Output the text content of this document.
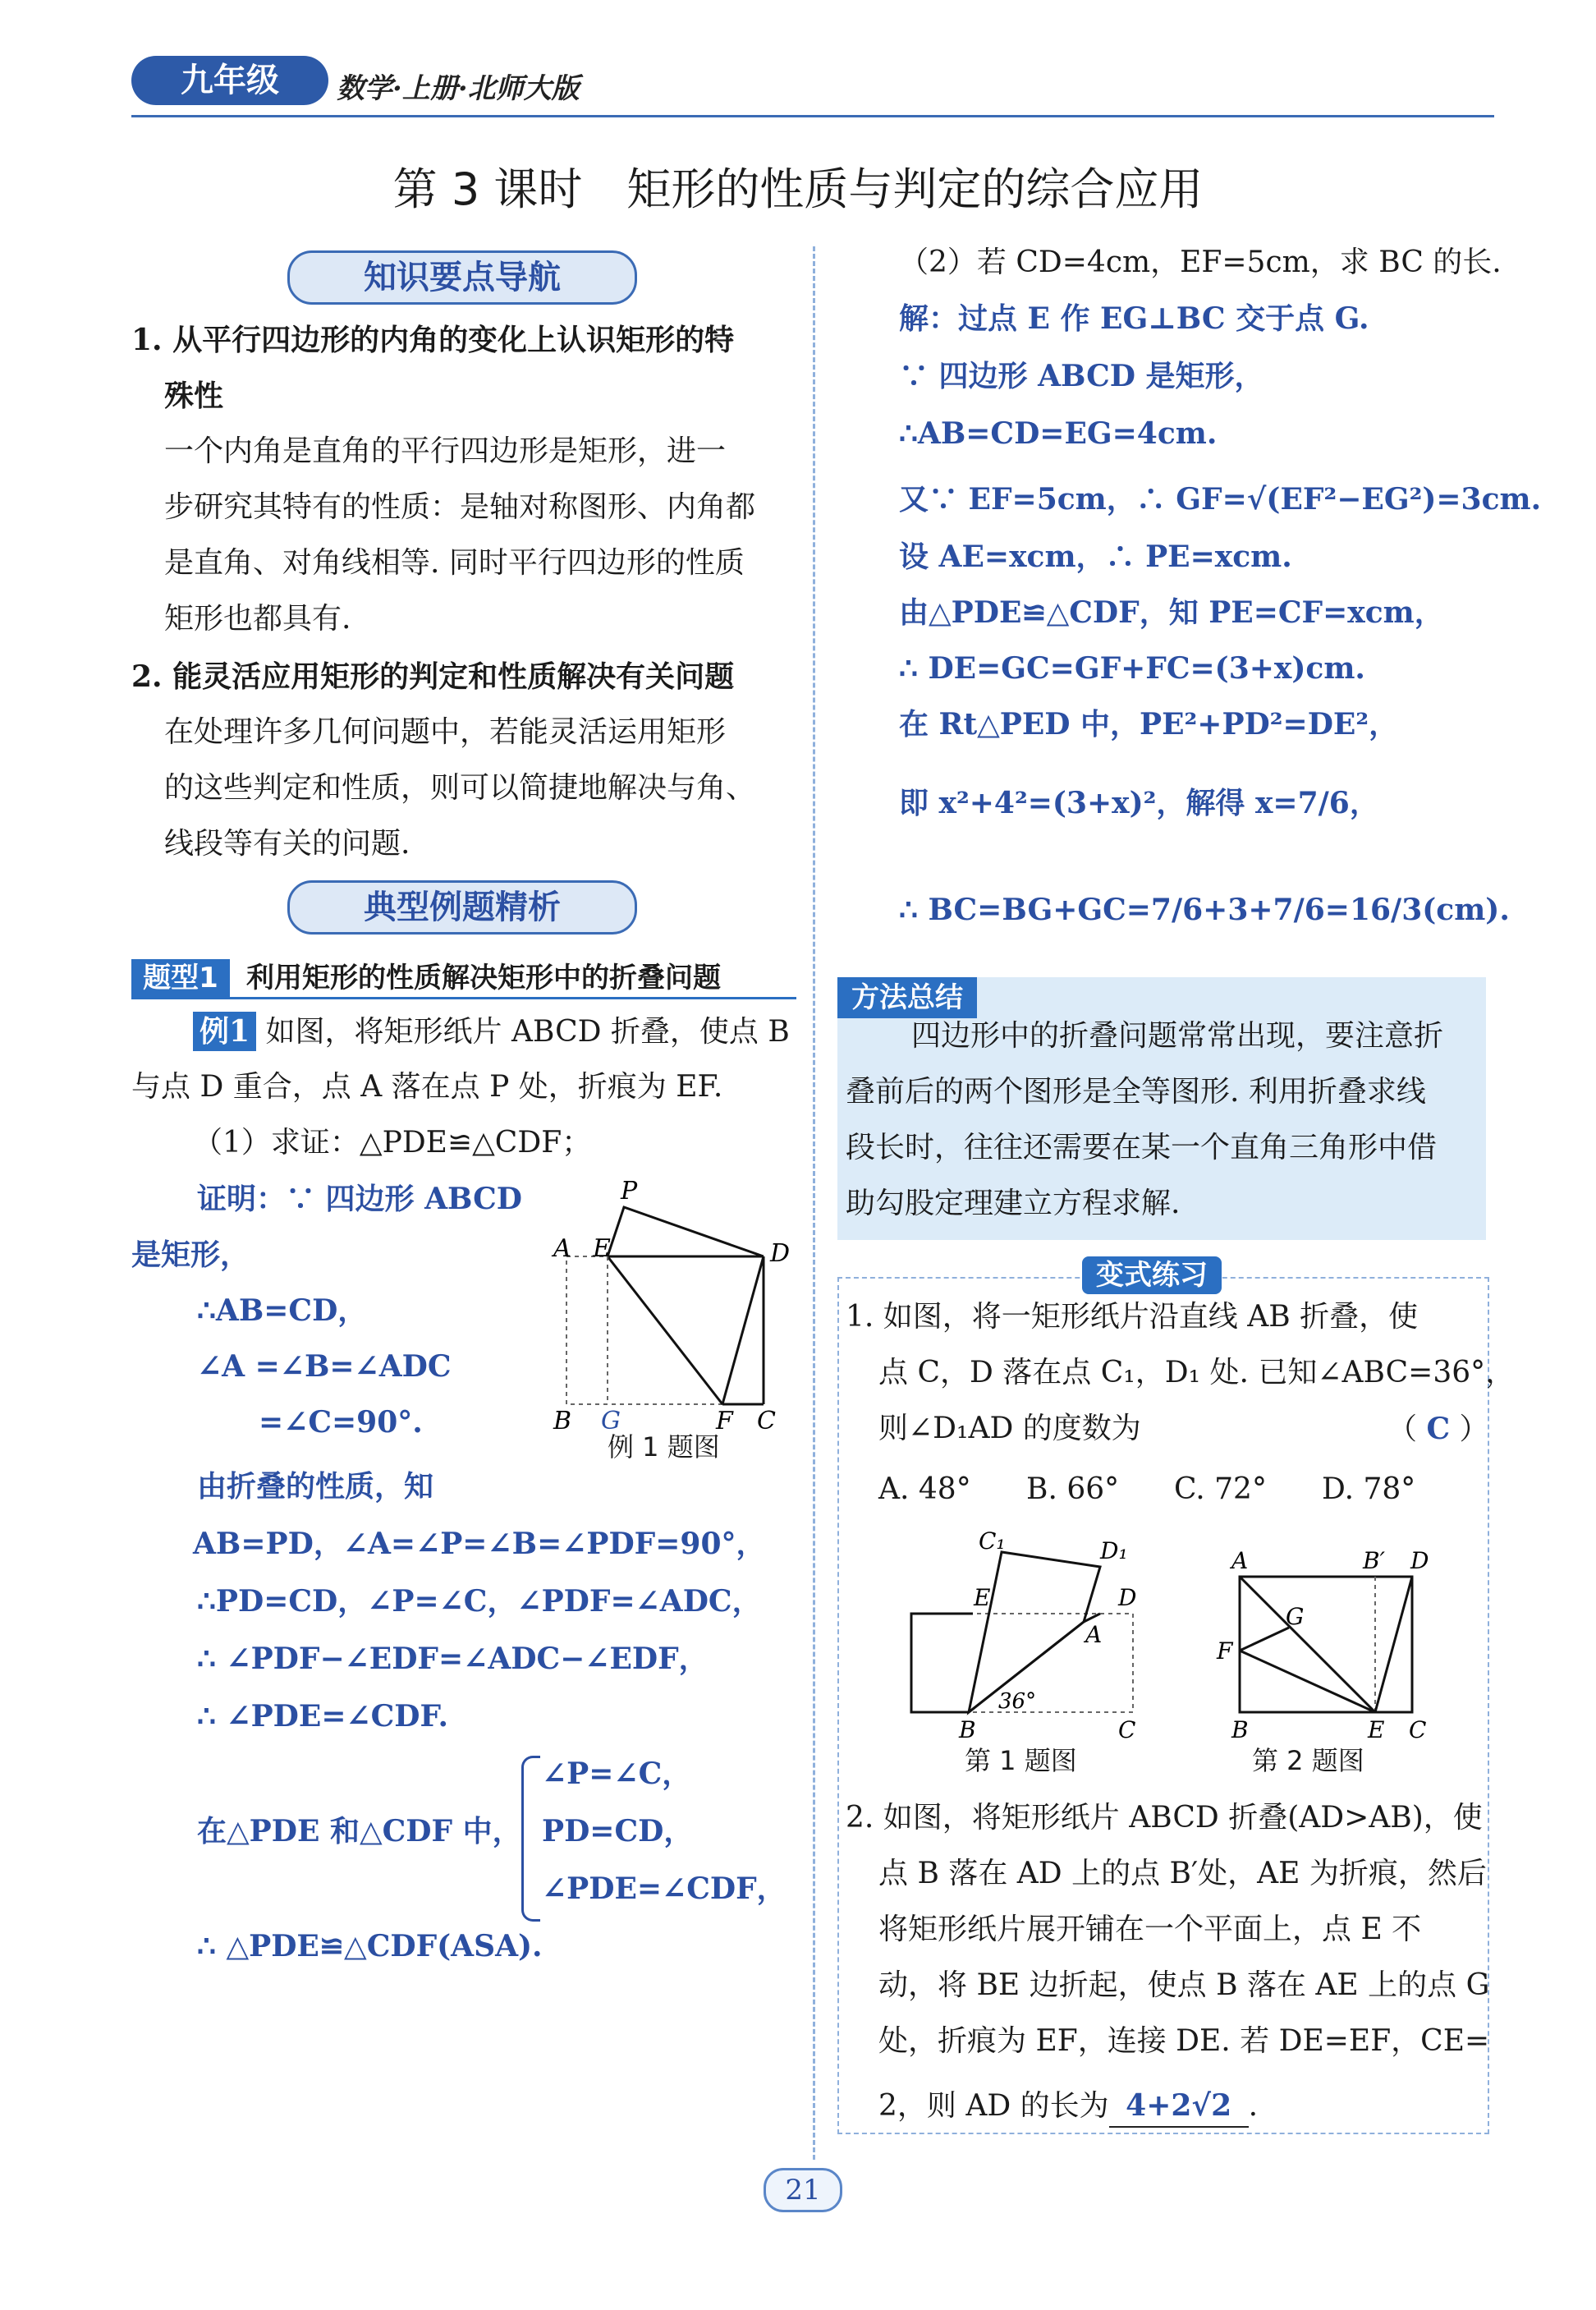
九年级	数学·上册·北师大版
第 3 课时　矩形的性质与判定的综合应用
知识要点导航
1. 从平行四边形的内角的变化上认识矩形的特
殊性
一个内角是直角的平行四边形是矩形，进一
步研究其特有的性质：是轴对称图形、内角都
是直角、对角线相等. 同时平行四边形的性质
矩形也都具有.
2. 能灵活应用矩形的判定和性质解决有关问题
在处理许多几何问题中，若能灵活运用矩形
的这些判定和性质，则可以简捷地解决与角、
线段等有关的问题.
典型例题精析
题型1	利用矩形的性质解决矩形中的折叠问题
例1 如图，将矩形纸片 ABCD 折叠，使点 B
与点 D 重合，点 A 落在点 P 处，折痕为 EF.
（1）求证：△PDE≌△CDF；
证明：∵ 四边形 ABCD
是矩形，
∴AB=CD，
∠A =∠B=∠ADC
=∠C=90°.
由折叠的性质，知
AB=PD，∠A=∠P=∠B=∠PDF=90°，
∴PD=CD，∠P=∠C，∠PDF=∠ADC，
∴ ∠PDF−∠EDF=∠ADC−∠EDF，
∴ ∠PDE=∠CDF.
在△PDE 和△CDF 中，
∠P=∠C，
PD=CD，
∠PDE=∠CDF，
∴ △PDE≌△CDF(ASA).
P
A E	D
B G	F C
例 1 题图
（2）若 CD=4cm，EF=5cm，求 BC 的长.
解：过点 E 作 EG⊥BC 交于点 G.
∵ 四边形 ABCD 是矩形，
∴AB=CD=EG=4cm.
又∵ EF=5cm，∴ GF=√(EF²−EG²)=3cm.
设 AE=xcm，∴ PE=xcm.
由△PDE≌△CDF，知 PE=CF=xcm，
∴ DE=GC=GF+FC=(3+x)cm.
在 Rt△PED 中，PE²+PD²=DE²，
即 x²+4²=(3+x)²，解得 x=7/6，
∴ BC=BG+GC=7/6+3+7/6=16/3(cm).
方法总结
四边形中的折叠问题常常出现，要注意折
叠前后的两个图形是全等图形. 利用折叠求线
段长时，往往还需要在某一个直角三角形中借
助勾股定理建立方程求解.
变式练习
1. 如图，将一矩形纸片沿直线 AB 折叠，使
点 C，D 落在点 C₁，D₁ 处. 已知∠ABC=36°，
则∠D₁AD 的度数为	（ C ）
A. 48° B. 66° C. 72° D. 78°
C₁	D₁
E	D
A
B	C
36°
第 1 题图
A	B′ D
G
F
B	E C
第 2 题图
2. 如图，将矩形纸片 ABCD 折叠(AD>AB)，使
点 B 落在 AD 上的点 B′处，AE 为折痕，然后
将矩形纸片展开铺在一个平面上，点 E 不
动，将 BE 边折起，使点 B 落在 AE 上的点 G
处，折痕为 EF，连接 DE. 若 DE=EF，CE=
2，则 AD 的长为 4+2√2 .
21
